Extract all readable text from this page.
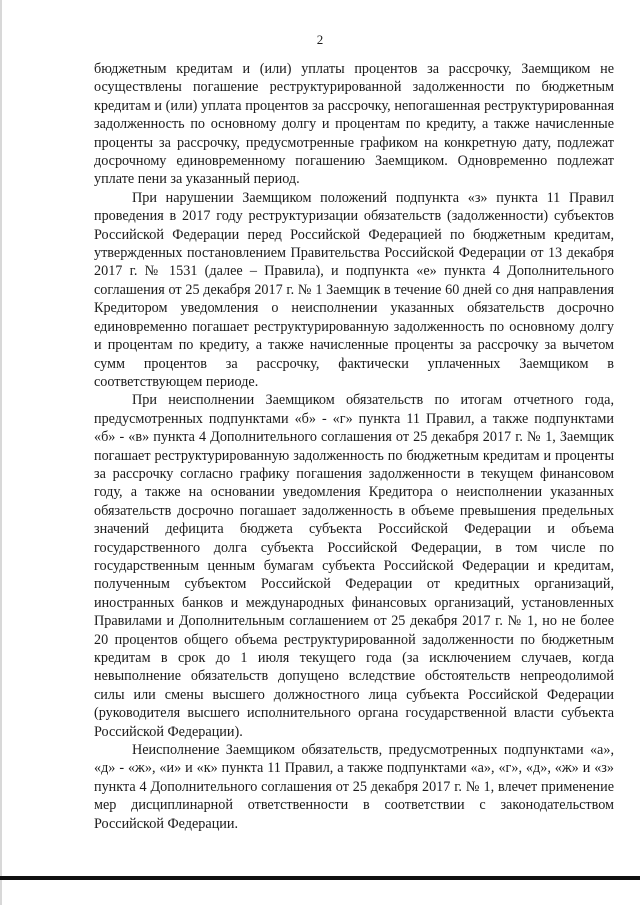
2

бюджетным кредитам и (или) уплаты процентов за рассрочку, Заемщиком не осуществлены погашение реструктурированной задолженности по бюджетным кредитам и (или) уплата процентов за рассрочку, непогашенная реструктурированная задолженность по основному долгу и процентам по кредиту, а также начисленные проценты за рассрочку, предусмотренные графиком на конкретную дату, подлежат досрочному единовременному погашению Заемщиком. Одновременно подлежат уплате пени за указанный период.

При нарушении Заемщиком положений подпункта «з» пункта 11 Правил проведения в 2017 году реструктуризации обязательств (задолженности) субъектов Российской Федерации перед Российской Федерацией по бюджетным кредитам, утвержденных постановлением Правительства Российской Федерации от 13 декабря 2017 г. № 1531 (далее – Правила), и подпункта «е» пункта 4 Дополнительного соглашения от 25 декабря 2017 г. № 1 Заемщик в течение 60 дней со дня направления Кредитором уведомления о неисполнении указанных обязательств досрочно единовременно погашает реструктурированную задолженность по основному долгу и процентам по кредиту, а также начисленные проценты за рассрочку за вычетом сумм процентов за рассрочку, фактически уплаченных Заемщиком в соответствующем периоде.

При неисполнении Заемщиком обязательств по итогам отчетного года, предусмотренных подпунктами «б» - «г» пункта 11 Правил, а также подпунктами «б» - «в» пункта 4 Дополнительного соглашения от 25 декабря 2017 г. № 1, Заемщик погашает реструктурированную задолженность по бюджетным кредитам и проценты за рассрочку согласно графику погашения задолженности в текущем финансовом году, а также на основании уведомления Кредитора о неисполнении указанных обязательств досрочно погашает задолженность в объеме превышения предельных значений дефицита бюджета субъекта Российской Федерации и объема государственного долга субъекта Российской Федерации, в том числе по государственным ценным бумагам субъекта Российской Федерации и кредитам, полученным субъектом Российской Федерации от кредитных организаций, иностранных банков и международных финансовых организаций, установленных Правилами и Дополнительным соглашением от 25 декабря 2017 г. № 1, но не более 20 процентов общего объема реструктурированной задолженности по бюджетным кредитам в срок до 1 июля текущего года (за исключением случаев, когда невыполнение обязательств допущено вследствие обстоятельств непреодолимой силы или смены высшего должностного лица субъекта Российской Федерации (руководителя высшего исполнительного органа государственной власти субъекта Российской Федерации).

Неисполнение Заемщиком обязательств, предусмотренных подпунктами «а», «д» - «ж», «и» и «к» пункта 11 Правил, а также подпунктами «а», «г», «д», «ж» и «з» пункта 4 Дополнительного соглашения от 25 декабря 2017 г. № 1, влечет применение мер дисциплинарной ответственности в соответствии с законодательством Российской Федерации.
